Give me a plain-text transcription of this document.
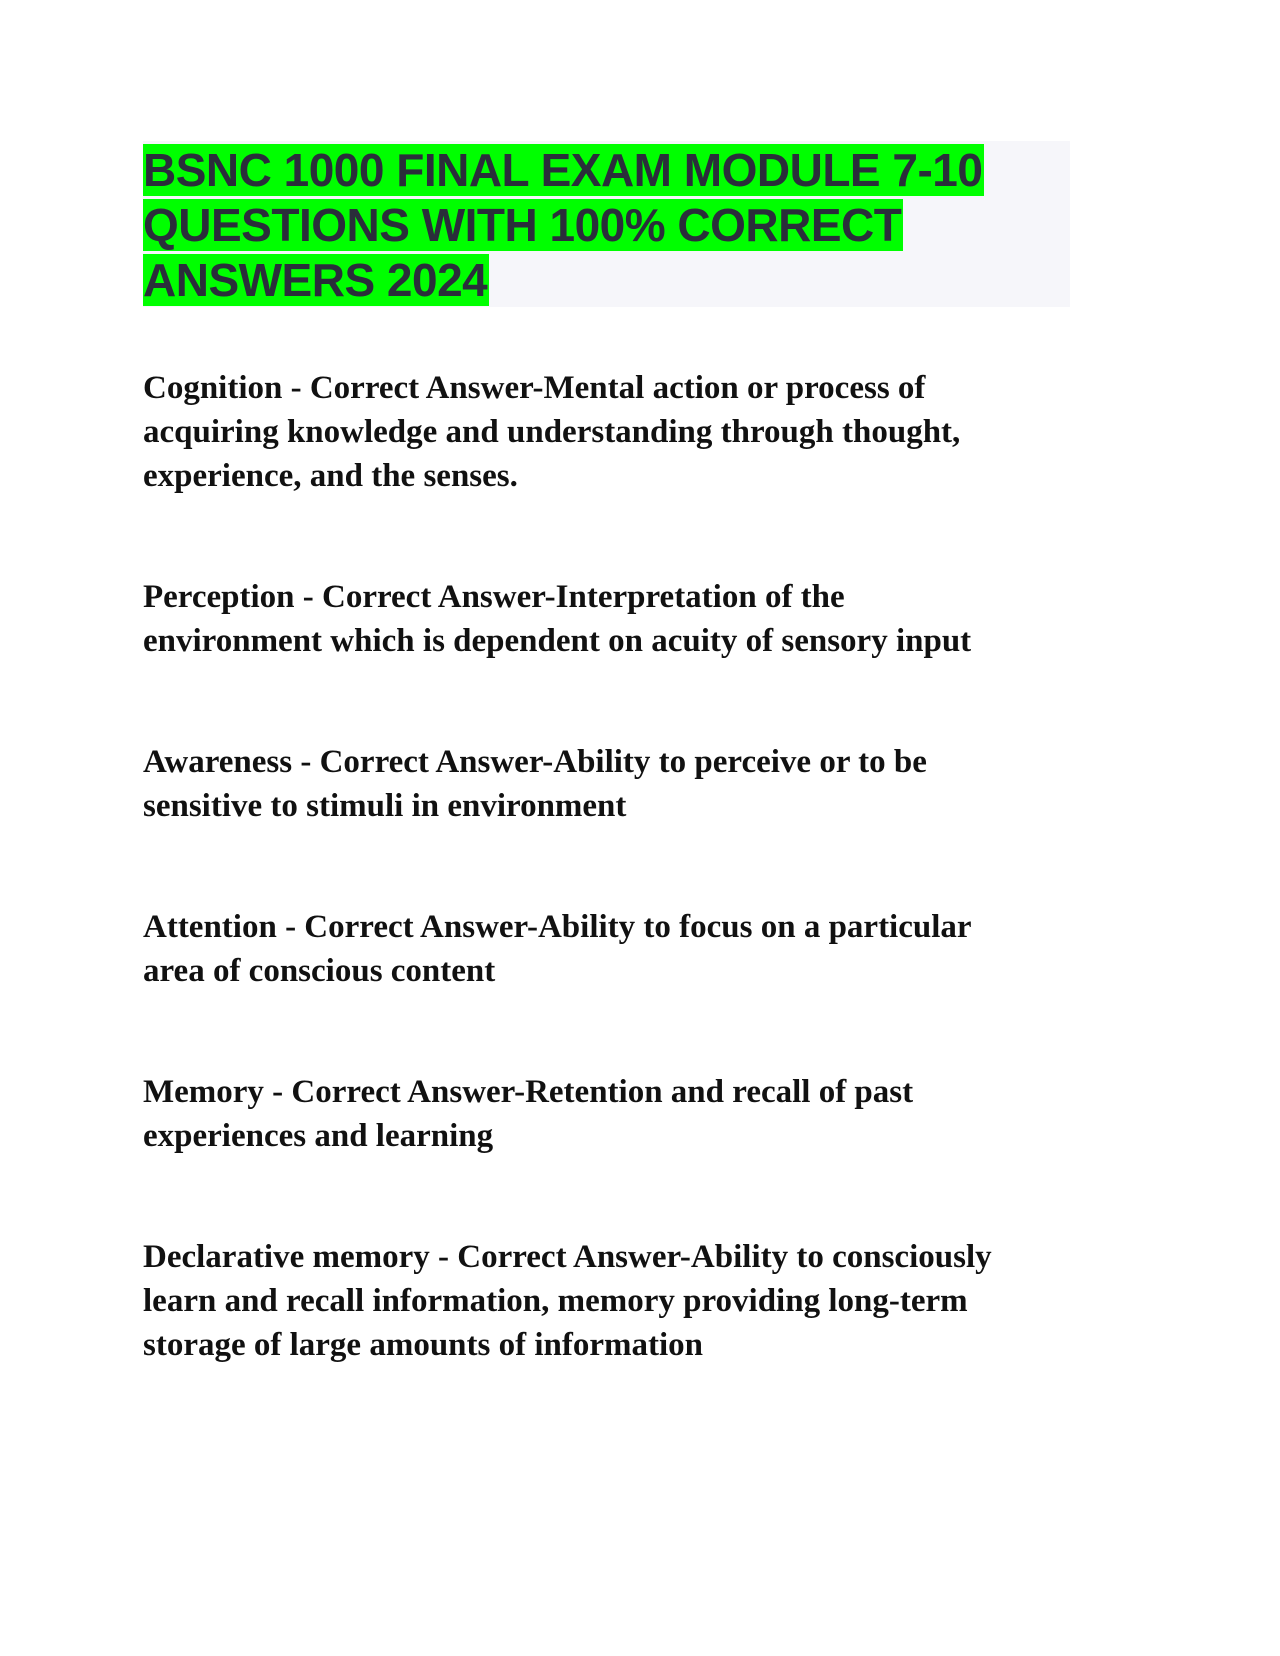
BSNC 1000 FINAL EXAM MODULE 7-10
QUESTIONS WITH 100% CORRECT
ANSWERS 2024

Cognition - Correct Answer-Mental action or process of
acquiring knowledge and understanding through thought,
experience, and the senses.

Perception - Correct Answer-Interpretation of the
environment which is dependent on acuity of sensory input

Awareness - Correct Answer-Ability to perceive or to be
sensitive to stimuli in environment

Attention - Correct Answer-Ability to focus on a particular
area of conscious content

Memory - Correct Answer-Retention and recall of past
experiences and learning

Declarative memory - Correct Answer-Ability to consciously
learn and recall information, memory providing long-term
storage of large amounts of information
